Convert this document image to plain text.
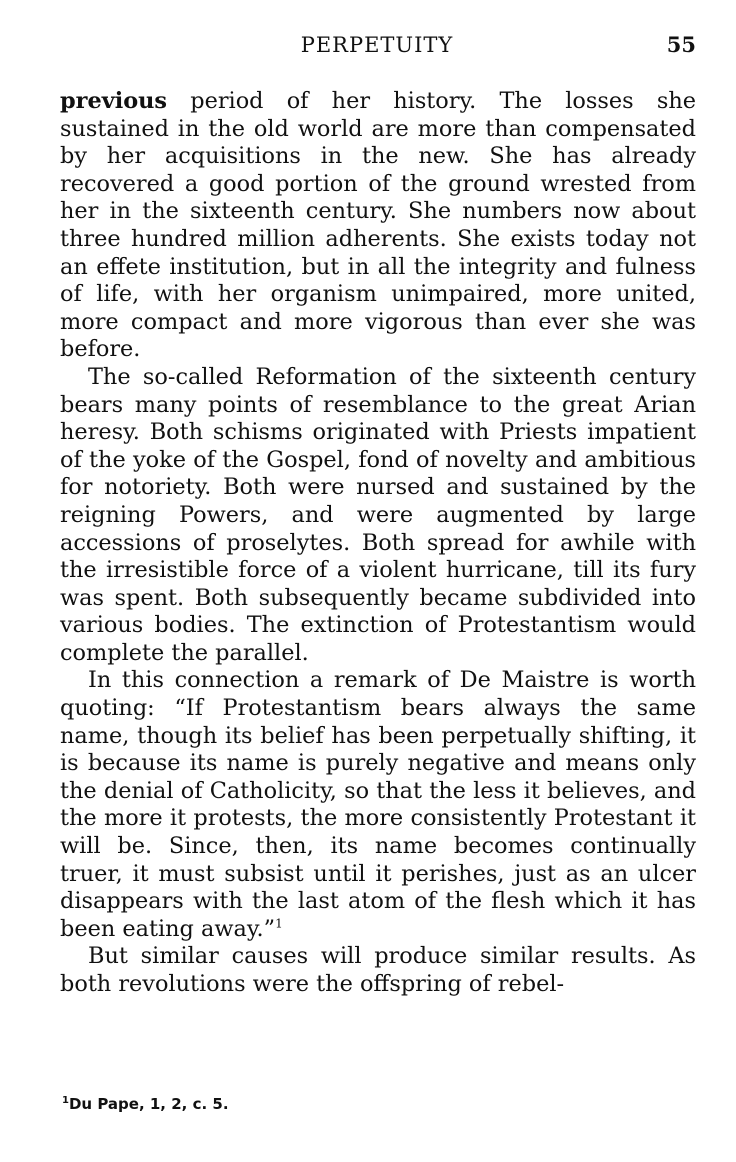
PERPETUITY	55

previous period of her history. The losses she sustained in the old world are more than compensated by her acquisitions in the new. She has already recovered a good portion of the ground wrested from her in the sixteenth century. She numbers now about three hundred million adherents. She exists today not an effete institution, but in all the integrity and fulness of life, with her organism unimpaired, more united, more compact and more vigorous than ever she was before.

The so-called Reformation of the sixteenth century bears many points of resemblance to the great Arian heresy. Both schisms originated with Priests impatient of the yoke of the Gospel, fond of novelty and ambitious for notoriety. Both were nursed and sustained by the reigning Powers, and were augmented by large accessions of proselytes. Both spread for awhile with the irresistible force of a violent hurricane, till its fury was spent. Both subsequently became subdivided into various bodies. The extinction of Protestantism would complete the parallel.

In this connection a remark of De Maistre is worth quoting: “If Protestantism bears always the same name, though its belief has been perpetually shifting, it is because its name is purely negative and means only the denial of Catholicity, so that the less it believes, and the more it protests, the more consistently Protestant it will be. Since, then, its name becomes continually truer, it must subsist until it perishes, just as an ulcer disappears with the last atom of the flesh which it has been eating away.”$^1$

But similar causes will produce similar results. As both revolutions were the offspring of rebel-

$^1$Du Pape, 1, 2, c. 5.
